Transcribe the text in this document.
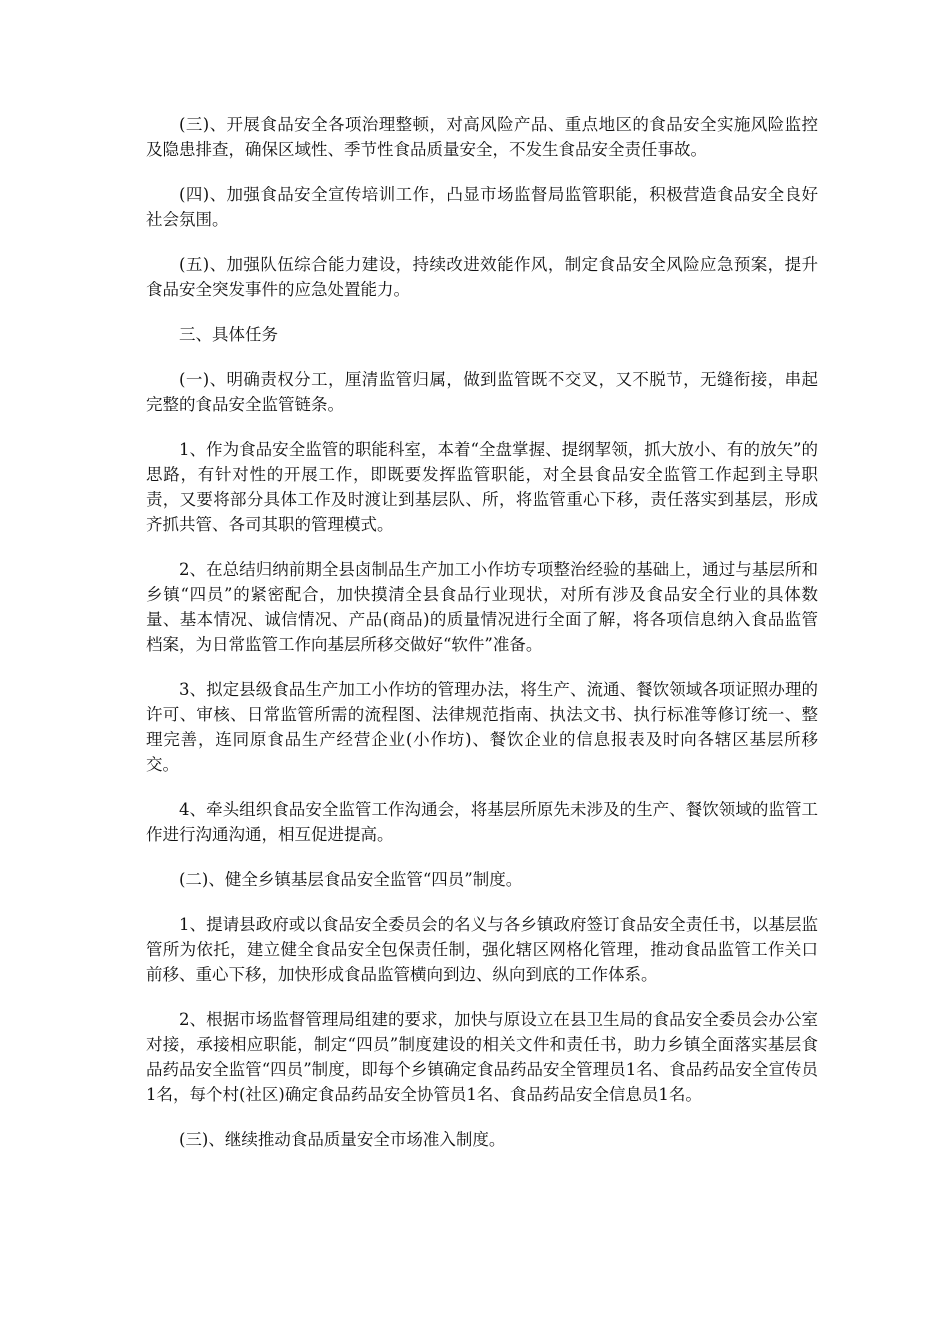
(三)、开展食品安全各项治理整顿，对高风险产品、重点地区的食品安全实施风险监控及隐患排查，确保区域性、季节性食品质量安全，不发生食品安全责任事故。

(四)、加强食品安全宣传培训工作，凸显市场监督局监管职能，积极营造食品安全良好社会氛围。

(五)、加强队伍综合能力建设，持续改进效能作风，制定食品安全风险应急预案，提升食品安全突发事件的应急处置能力。

三、具体任务

(一)、明确责权分工，厘清监管归属，做到监管既不交叉，又不脱节，无缝衔接，串起完整的食品安全监管链条。

1、作为食品安全监管的职能科室，本着“全盘掌握、提纲挈领，抓大放小、有的放矢”的思路，有针对性的开展工作，即既要发挥监管职能，对全县食品安全监管工作起到主导职责，又要将部分具体工作及时渡让到基层队、所，将监管重心下移，责任落实到基层，形成齐抓共管、各司其职的管理模式。

2、在总结归纳前期全县卤制品生产加工小作坊专项整治经验的基础上，通过与基层所和乡镇“四员”的紧密配合，加快摸清全县食品行业现状，对所有涉及食品安全行业的具体数量、基本情况、诚信情况、产品(商品)的质量情况进行全面了解，将各项信息纳入食品监管档案，为日常监管工作向基层所移交做好“软件”准备。

3、拟定县级食品生产加工小作坊的管理办法，将生产、流通、餐饮领域各项证照办理的许可、审核、日常监管所需的流程图、法律规范指南、执法文书、执行标准等修订统一、整理完善，连同原食品生产经营企业(小作坊)、餐饮企业的信息报表及时向各辖区基层所移交。

4、牵头组织食品安全监管工作沟通会，将基层所原先未涉及的生产、餐饮领域的监管工作进行沟通沟通，相互促进提高。

(二)、健全乡镇基层食品安全监管“四员”制度。

1、提请县政府或以食品安全委员会的名义与各乡镇政府签订食品安全责任书，以基层监管所为依托，建立健全食品安全包保责任制，强化辖区网格化管理，推动食品监管工作关口前移、重心下移，加快形成食品监管横向到边、纵向到底的工作体系。

2、根据市场监督管理局组建的要求，加快与原设立在县卫生局的食品安全委员会办公室对接，承接相应职能，制定“四员”制度建设的相关文件和责任书，助力乡镇全面落实基层食品药品安全监管“四员”制度，即每个乡镇确定食品药品安全管理员1名、食品药品安全宣传员1名，每个村(社区)确定食品药品安全协管员1名、食品药品安全信息员1名。

(三)、继续推动食品质量安全市场准入制度。
